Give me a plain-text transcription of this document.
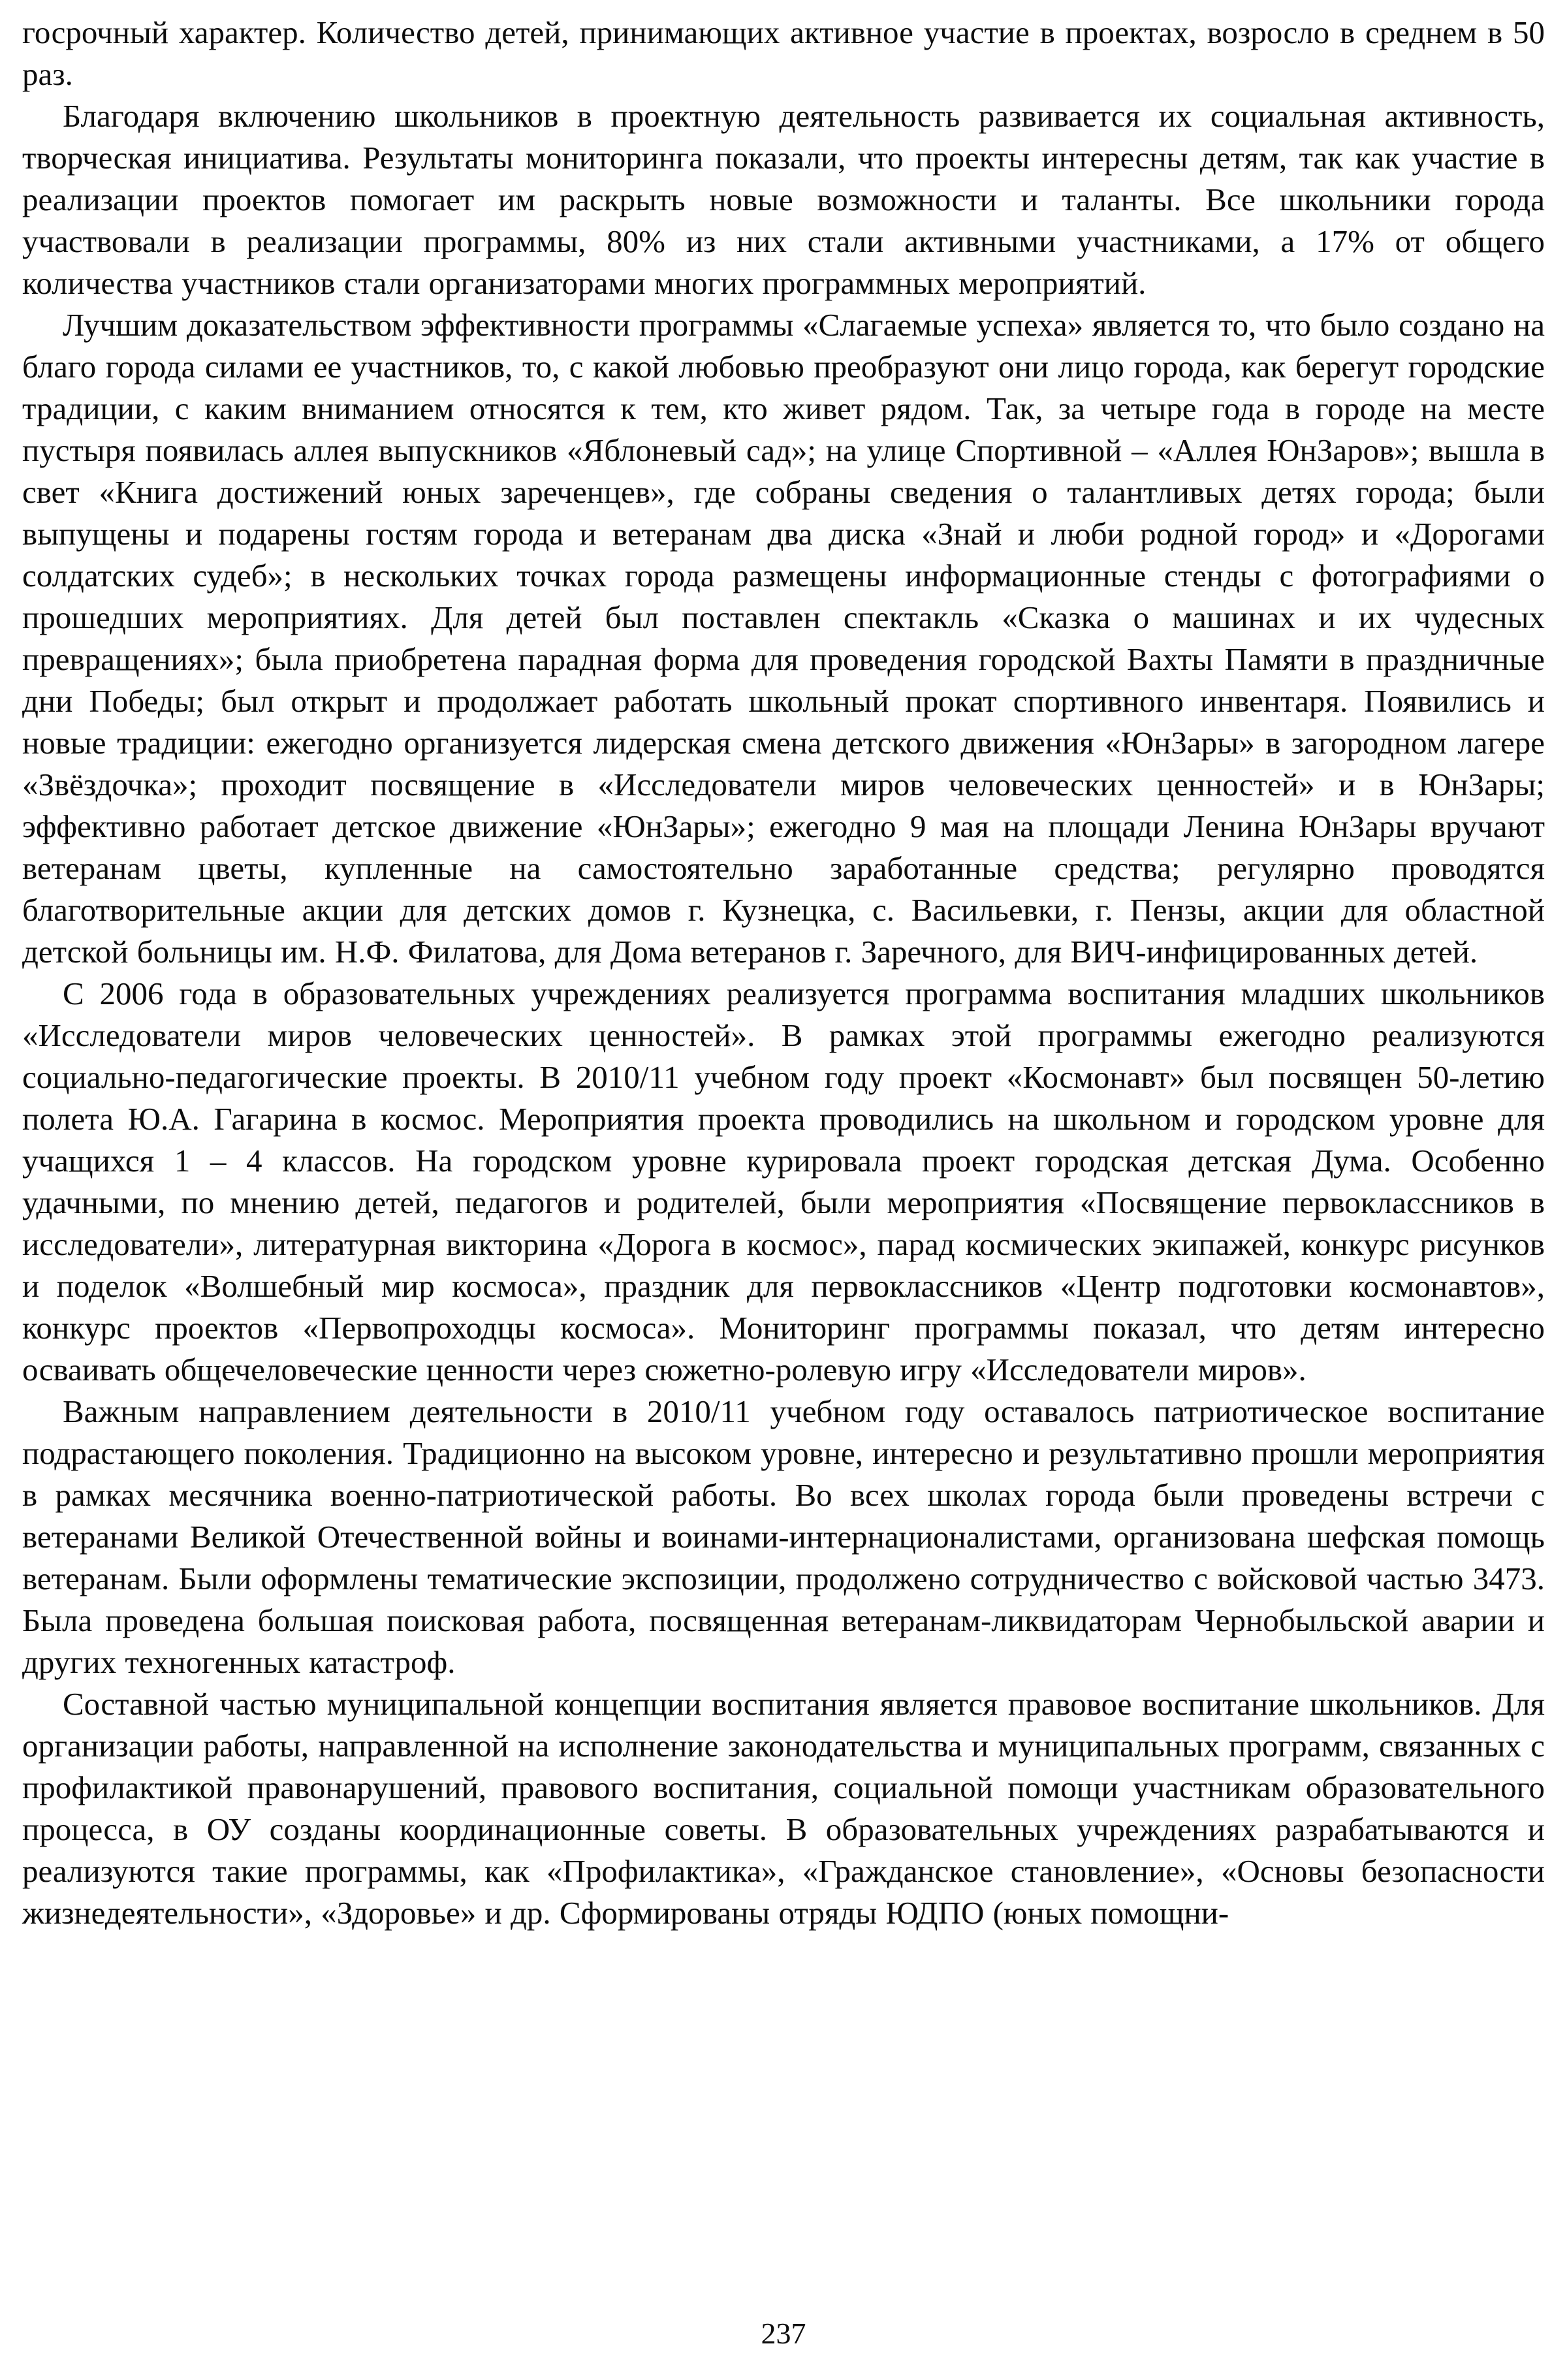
госрочный характер. Количество детей, принимающих активное участие в проектах, возросло в среднем в 50 раз.

Благодаря включению школьников в проектную деятельность развивается их социальная активность, творческая инициатива. Результаты мониторинга показали, что проекты интересны детям, так как участие в реализации проектов помогает им раскрыть новые возможности и таланты. Все школьники города участвовали в реализации программы, 80% из них стали активными участниками, а 17% от общего количества участников стали организаторами многих программных мероприятий.

Лучшим доказательством эффективности программы «Слагаемые успеха» является то, что было создано на благо города силами ее участников, то, с какой любовью преобразуют они лицо города, как берегут городские традиции, с каким вниманием относятся к тем, кто живет рядом. Так, за четыре года в городе на месте пустыря появилась аллея выпускников «Яблоневый сад»; на улице Спортивной – «Аллея ЮнЗаров»; вышла в свет «Книга достижений юных зареченцев», где собраны сведения о талантливых детях города; были выпущены и подарены гостям города и ветеранам два диска «Знай и люби родной город» и «Дорогами солдатских судеб»; в нескольких точках города размещены информационные стенды с фотографиями о прошедших мероприятиях. Для детей был поставлен спектакль «Сказка о машинах и их чудесных превращениях»; была приобретена парадная форма для проведения городской Вахты Памяти в праздничные дни Победы; был открыт и продолжает работать школьный прокат спортивного инвентаря. Появились и новые традиции: ежегодно организуется лидерская смена детского движения «ЮнЗары» в загородном лагере «Звёздочка»; проходит посвящение в «Исследователи миров человеческих ценностей» и в ЮнЗары; эффективно работает детское движение «ЮнЗары»; ежегодно 9 мая на площади Ленина ЮнЗары вручают ветеранам цветы, купленные на самостоятельно заработанные средства; регулярно проводятся благотворительные акции для детских домов г. Кузнецка, с. Васильевки, г. Пензы, акции для областной детской больницы им. Н.Ф. Филатова, для Дома ветеранов г. Заречного, для ВИЧ-инфицированных детей.

С 2006 года в образовательных учреждениях реализуется программа воспитания младших школьников «Исследователи миров человеческих ценностей». В рамках этой программы ежегодно реализуются социально-педагогические проекты. В 2010/11 учебном году проект «Космонавт» был посвящен 50-летию полета Ю.А. Гагарина в космос. Мероприятия проекта проводились на школьном и городском уровне для учащихся 1 – 4 классов. На городском уровне курировала проект городская детская Дума. Особенно удачными, по мнению детей, педагогов и родителей, были мероприятия «Посвящение первоклассников в исследователи», литературная викторина «Дорога в космос», парад космических экипажей, конкурс рисунков и поделок «Волшебный мир космоса», праздник для первоклассников «Центр подготовки космонавтов», конкурс проектов «Первопроходцы космоса». Мониторинг программы показал, что детям интересно осваивать общечеловеческие ценности через сюжетно-ролевую игру «Исследователи миров».

Важным направлением деятельности в 2010/11 учебном году оставалось патриотическое воспитание подрастающего поколения. Традиционно на высоком уровне, интересно и результативно прошли мероприятия в рамках месячника военно-патриотической работы. Во всех школах города были проведены встречи с ветеранами Великой Отечественной войны и воинами-интернационалистами, организована шефская помощь ветеранам. Были оформлены тематические экспозиции, продолжено сотрудничество с войсковой частью 3473. Была проведена большая поисковая работа, посвященная ветеранам-ликвидаторам Чернобыльской аварии и других техногенных катастроф.

Составной частью муниципальной концепции воспитания является правовое воспитание школьников. Для организации работы, направленной на исполнение законодательства и муниципальных программ, связанных с профилактикой правонарушений, правового воспитания, социальной помощи участникам образовательного процесса, в ОУ созданы координационные советы. В образовательных учреждениях разрабатываются и реализуются такие программы, как «Профилактика», «Гражданское становление», «Основы безопасности жизнедеятельности», «Здоровье» и др. Сформированы отряды ЮДПО (юных помощни-

237
